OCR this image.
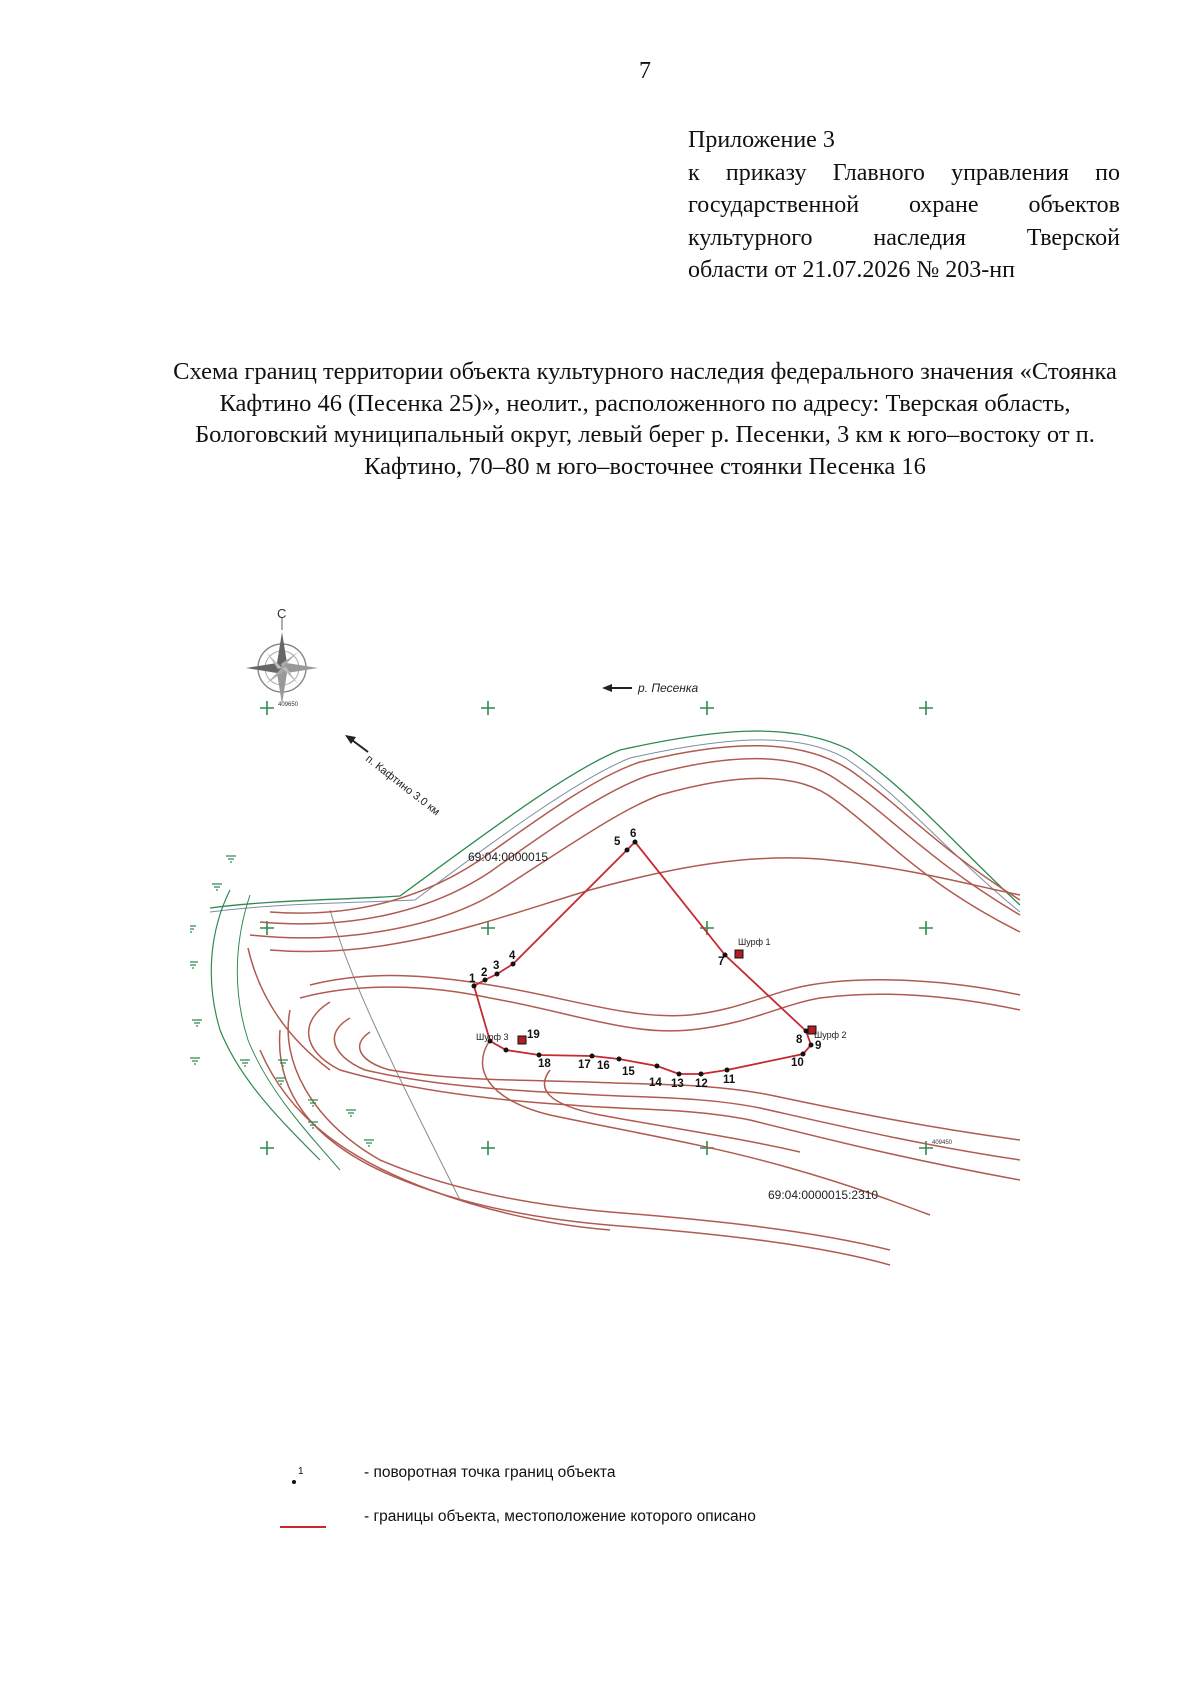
7
Приложение 3
к приказу Главного управления по
государственной охране объектов
культурного наследия Тверской
области от 21.07.2026 № 203-нп
Схема границ территории объекта культурного наследия федерального значения «Стоянка Кафтино 46 (Песенка 25)», неолит., расположенного по адресу: Тверская область, Бологовский муниципальный округ, левый берег р. Песенки, 3 км к юго–востоку от п. Кафтино, 70–80 м юго–восточнее стоянки Песенка 16
С
р. Песенка
п. Кафтино 3.0 км
409650
409450
69:04:0000015
69:04:0000015:2310
1 2
3
4
5
6
7
8 9
10
11
12
13
14
15
16
17
18
19
Шурф 1
Шурф 2
Шурф 3
1	- поворотная точка границ объекта
- границы объекта, местоположение которого описано
